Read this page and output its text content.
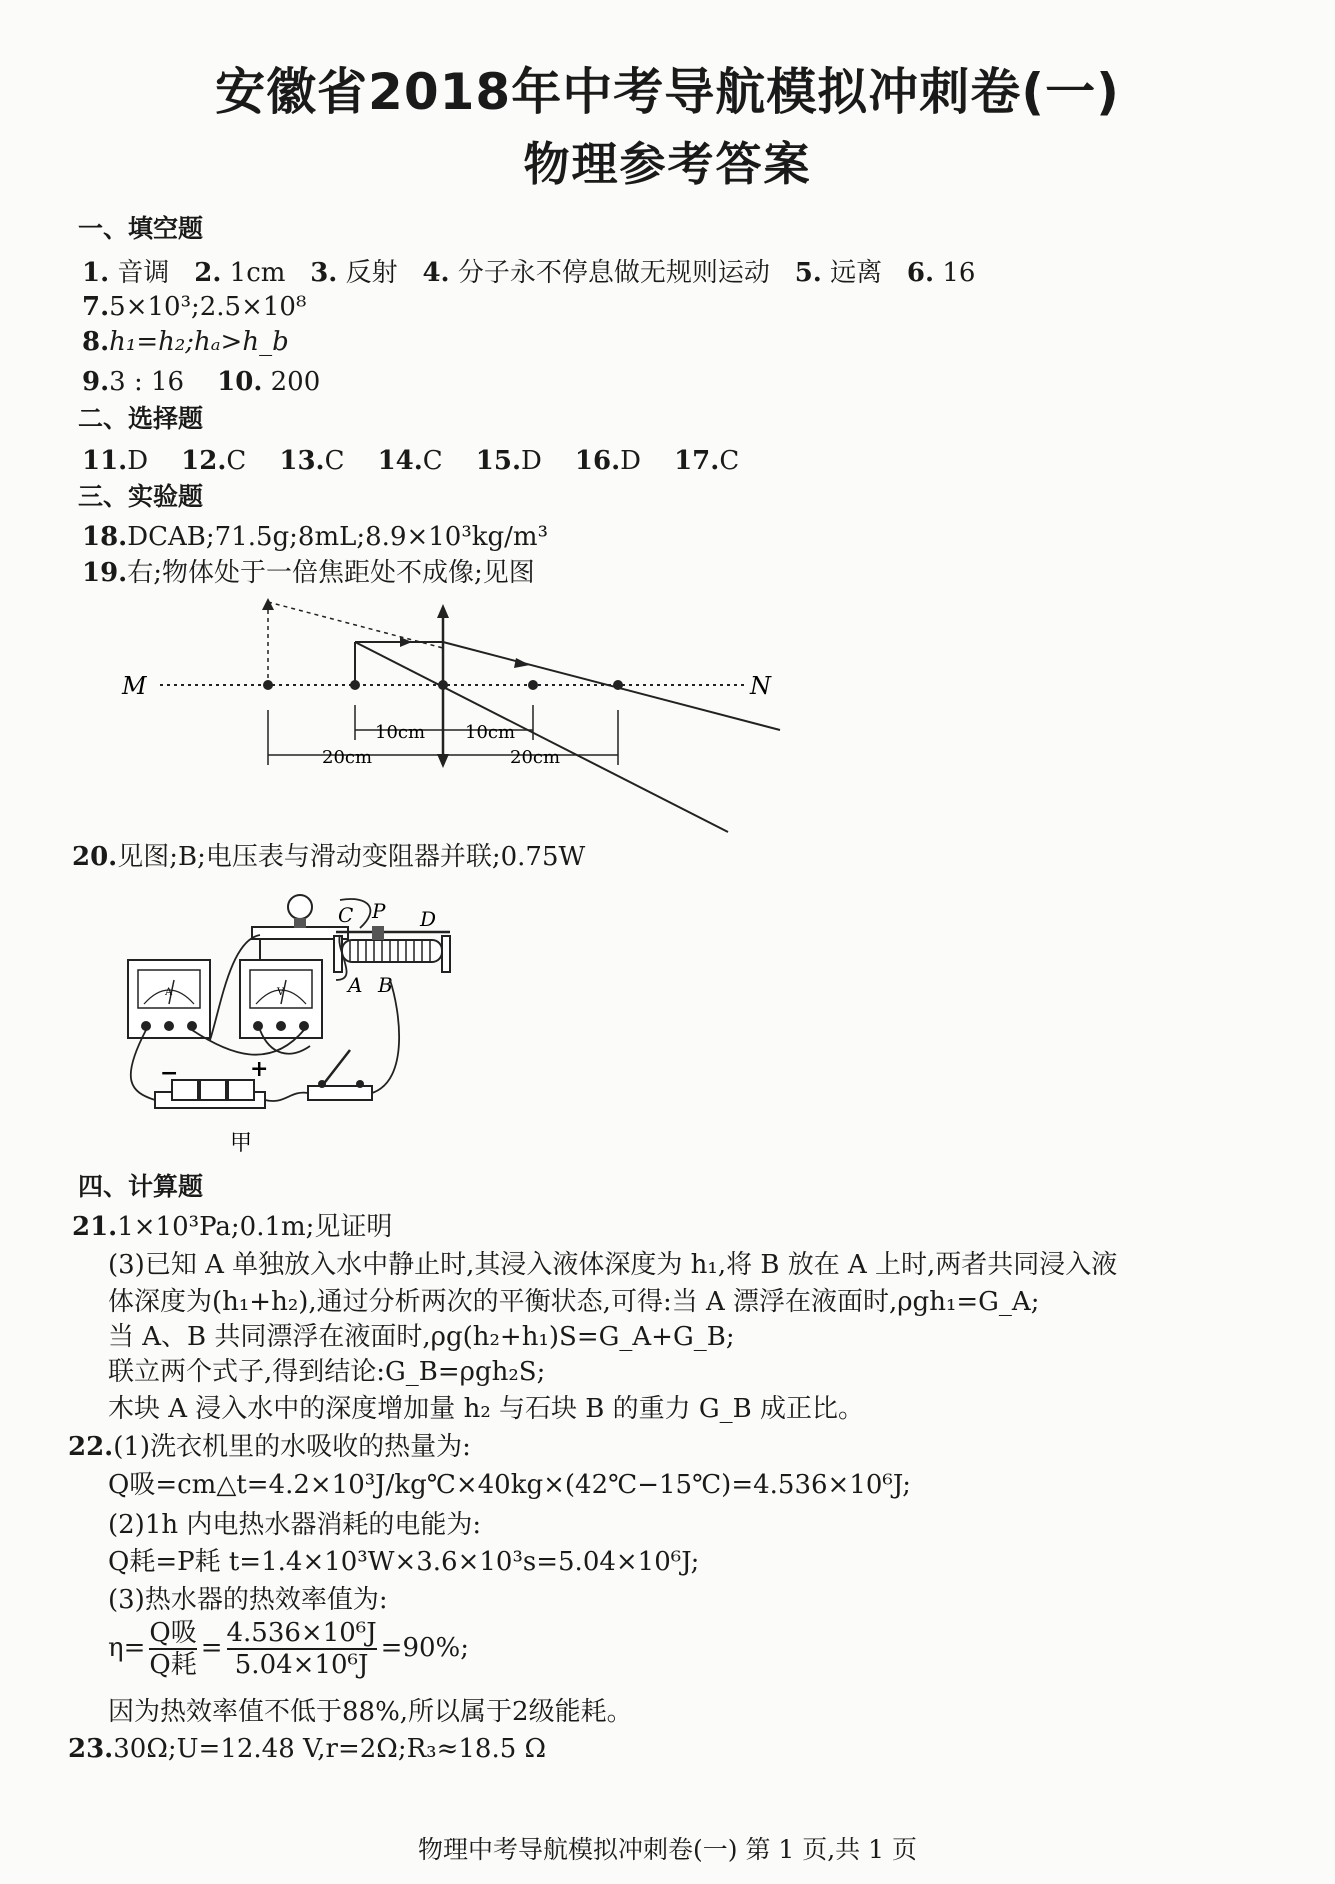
安徽省2018年中考导航模拟冲刺卷(一)
物理参考答案
一、填空题
1. 音调 2. 1cm 3. 反射 4. 分子永不停息做无规则运动 5. 远离 6. 16
7.5×10³;2.5×10⁸
8.h₁=h₂;hₐ>h_b
9.3 : 16 10. 200
二、选择题
11.D 12.C 13.C 14.C 15.D 16.D 17.C
三、实验题
18.DCAB;71.5g;8mL;8.9×10³kg/m³
19.右;物体处于一倍焦距处不成像;见图
M	N
10cm 10cm
20cm	20cm
20.见图;B;电压表与滑动变阻器并联;0.75W
A	V
C P D
A B
−	+
甲
四、计算题
21.1×10³Pa;0.1m;见证明
(3)已知 A 单独放入水中静止时,其浸入液体深度为 h₁,将 B 放在 A 上时,两者共同浸入液
体深度为(h₁+h₂),通过分析两次的平衡状态,可得:当 A 漂浮在液面时,ρgh₁=G_A;
当 A、B 共同漂浮在液面时,ρg(h₂+h₁)S=G_A+G_B;
联立两个式子,得到结论:G_B=ρgh₂S;
木块 A 浸入水中的深度增加量 h₂ 与石块 B 的重力 G_B 成正比。
22.(1)洗衣机里的水吸收的热量为:
Q吸=cm△t=4.2×10³J/kg℃×40kg×(42℃−15℃)=4.536×10⁶J;
(2)1h 内电热水器消耗的电能为:
Q耗=P耗 t=1.4×10³W×3.6×10³s=5.04×10⁶J;
(3)热水器的热效率值为:
$\eta= \frac{\text{Q吸}}{\text{Q耗}} = \frac{\text{4.536×10⁶J}}{\text{5.04×10⁶J}} =90\%$;
因为热效率值不低于88%,所以属于2级能耗。
23.30Ω;U=12.48 V,r=2Ω;R₃≈18.5 Ω
物理中考导航模拟冲刺卷(一) 第 1 页,共 1 页
